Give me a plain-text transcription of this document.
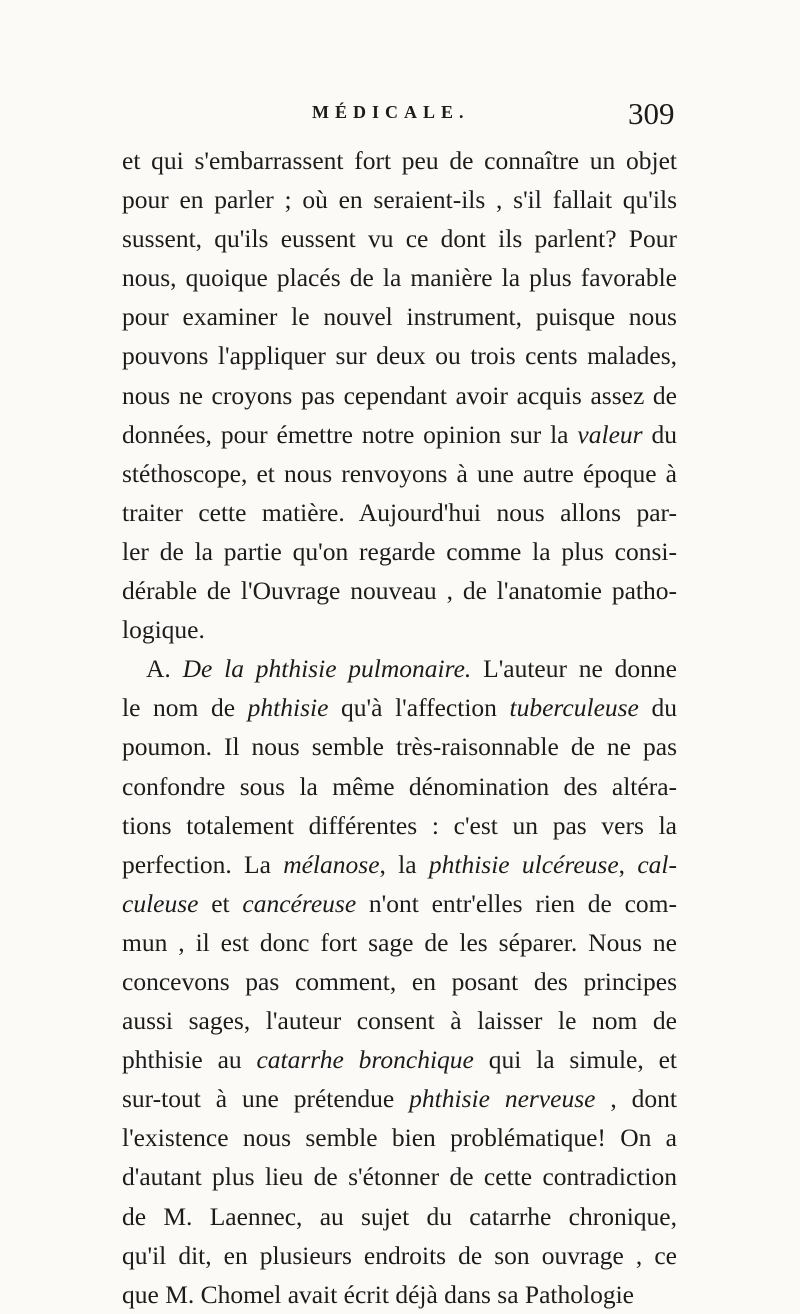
MÉDICALE.	309
et qui s'embarrassent fort peu de connaître un objet
pour en parler ; où en seraient-ils , s'il fallait qu'ils
sussent, qu'ils eussent vu ce dont ils parlent? Pour
nous, quoique placés de la manière la plus favorable
pour examiner le nouvel instrument, puisque nous
pouvons l'appliquer sur deux ou trois cents malades,
nous ne croyons pas cependant avoir acquis assez de
données, pour émettre notre opinion sur la valeur du
stéthoscope, et nous renvoyons à une autre époque à
traiter cette matière. Aujourd'hui nous allons par-
ler de la partie qu'on regarde comme la plus consi-
dérable de l'Ouvrage nouveau , de l'anatomie patho-
logique.
A. De la phthisie pulmonaire. L'auteur ne donne
le nom de phthisie qu'à l'affection tuberculeuse du
poumon. Il nous semble très-raisonnable de ne pas
confondre sous la même dénomination des altéra-
tions totalement différentes : c'est un pas vers la
perfection. La mélanose, la phthisie ulcéreuse, cal-
culeuse et cancéreuse n'ont entr'elles rien de com-
mun , il est donc fort sage de les séparer. Nous ne
concevons pas comment, en posant des principes
aussi sages, l'auteur consent à laisser le nom de
phthisie au catarrhe bronchique qui la simule, et
sur-tout à une prétendue phthisie nerveuse , dont
l'existence nous semble bien problématique! On a
d'autant plus lieu de s'étonner de cette contradiction
de M. Laennec, au sujet du catarrhe chronique,
qu'il dit, en plusieurs endroits de son ouvrage , ce
que M. Chomel avait écrit déjà dans sa Pathologie
